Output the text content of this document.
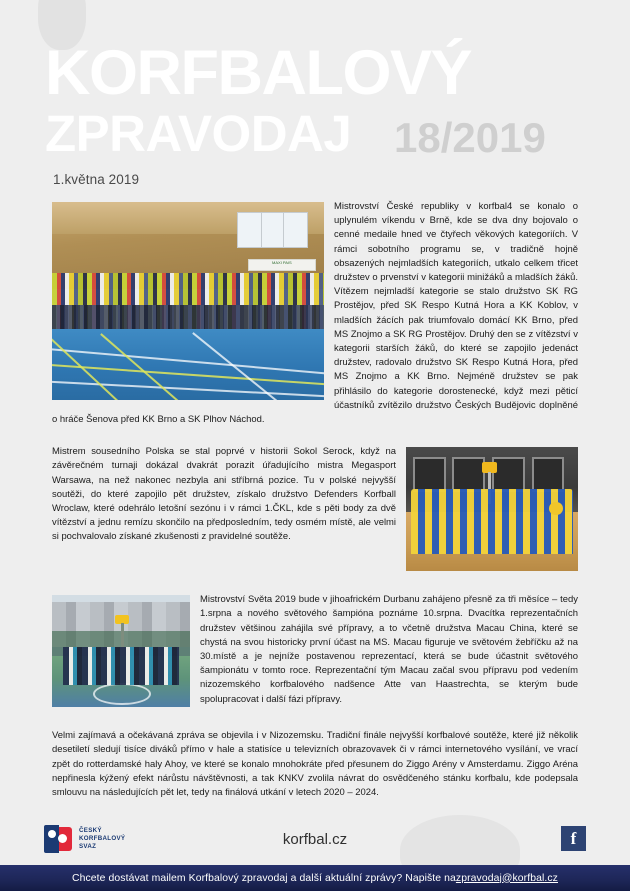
KORFBALOVÝ
ZPRAVODAJ 18/2019
1.května 2019
MAXI PAIS

Mistrovství České republiky v korfbal4 se konalo o uplynulém víkendu v Brně, kde se dva dny bojovalo o cenné medaile hned ve čtyřech věkových kategoriích. V rámci sobotního programu se, v tradičně hojně obsazených nejmladších kategoriích, utkalo celkem třicet družstev o prvenství v kategorii minižáků a mladších žáků. Vítězem nejmladší kategorie se stalo družstvo SK RG Prostějov, před SK Respo Kutná Hora a KK Koblov, v mladších žácích pak triumfovalo domácí KK Brno, před MS Znojmo a SK RG Prostějov. Druhý den se z vítězství v kategorii starších žáků, do které se zapojilo jedenáct družstev, radovalo družstvo SK Respo Kutná Hora, před MS Znojmo a KK Brno. Nejméně družstev se pak přihlásilo do kategorie dorostenecké, když mezi pěticí účastníků zvítězilo družstvo Českých Budějovic doplněné o hráče Šenova před KK Brno a SK Plhov Náchod.

Mistrem sousedního Polska se stal poprvé v historii Sokol Serock, když na závěrečném turnaji dokázal dvakrát porazit úřadujícího mistra Megasport Warsawa, na než nakonec nezbyla ani stříbrná pozice. Tu v polské nejvyšší soutěži, do které zapojilo pět družstev, získalo družstvo Defenders Korfball Wroclaw, které odehrálo letošní sezónu i v rámci 1.ČKL, kde s pěti body za dvě vítězství a jednu remízu skončilo na předposledním, tedy osmém místě, ale velmi si pochvalovalo získané zkušenosti z pravidelné soutěže.

Mistrovství Světa 2019 bude v jihoafrickém Durbanu zahájeno přesně za tři měsíce – tedy 1.srpna a nového světového šampióna poznáme 10.srpna. Dvacítka reprezentačních družstev většinou zahájila své přípravy, a to včetně družstva Macau China, které se chystá na svou historicky první účast na MS. Macau figuruje ve světovém žebříčku až na 30.místě a je nejníže postavenou reprezentací, která se bude účastnit světového šampionátu v tomto roce. Reprezentační tým Macau začal svou přípravu pod vedením nizozemského korfbalového nadšence Atte van Haastrechta, se kterým bude spolupracovat i další fázi přípravy.

Velmi zajímavá a očekávaná zpráva se objevila i v Nizozemsku. Tradiční finále nejvyšší korfbalové soutěže, které již několik desetiletí sledují tisíce diváků přímo v hale a statisíce u televizních obrazovavek či v rámci internetového vysílání, ve vrací zpět do rotterdamské haly Ahoy, ve které se konalo mnohokráte před přesunem do Ziggo Arény v Amsterdamu. Ziggo Aréna nepřinesla kýžený efekt nárůstu návštěvnosti, a tak KNKV zvolila návrat do osvědčeného stánku korfbalu, kde podepsala smlouvu na následujících pět let, tedy na finálová utkání v letech 2020 – 2024.

ČESKÝ
KORFBALOVÝ
SVAZ	korfbal.cz	f
Chcete dostávat mailem Korfbalový zpravodaj a další aktuální zprávy? Napište na zpravodaj@korfbal.cz
